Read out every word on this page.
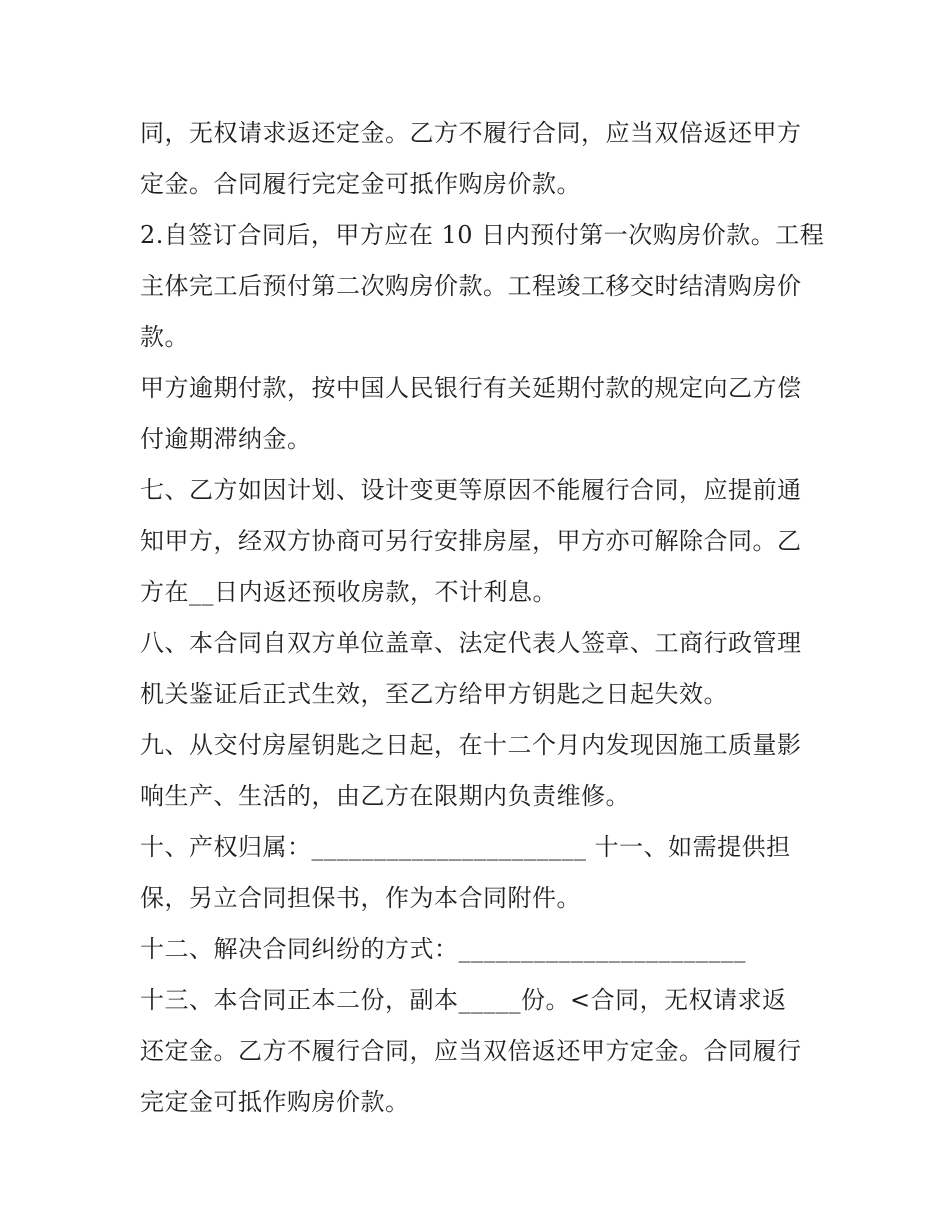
同，无权请求返还定金。乙方不履行合同，应当双倍返还甲方
定金。合同履行完定金可抵作购房价款。
2.自签订合同后，甲方应在 10 日内预付第一次购房价款。工程
主体完工后预付第二次购房价款。工程竣工移交时结清购房价
款。
甲方逾期付款，按中国人民银行有关延期付款的规定向乙方偿
付逾期滞纳金。
七、乙方如因计划、设计变更等原因不能履行合同，应提前通
知甲方，经双方协商可另行安排房屋，甲方亦可解除合同。乙
方在__日内返还预收房款，不计利息。
八、本合同自双方单位盖章、法定代表人签章、工商行政管理
机关鉴证后正式生效，至乙方给甲方钥匙之日起失效。
九、从交付房屋钥匙之日起，在十二个月内发现因施工质量影
响生产、生活的，由乙方在限期内负责维修。
十、产权归属：______________________ 十一、如需提供担
保，另立合同担保书，作为本合同附件。
十二、解决合同纠纷的方式：_______________________
十三、本合同正本二份，副本_____份。<合同，无权请求返
还定金。乙方不履行合同，应当双倍返还甲方定金。合同履行
完定金可抵作购房价款。
